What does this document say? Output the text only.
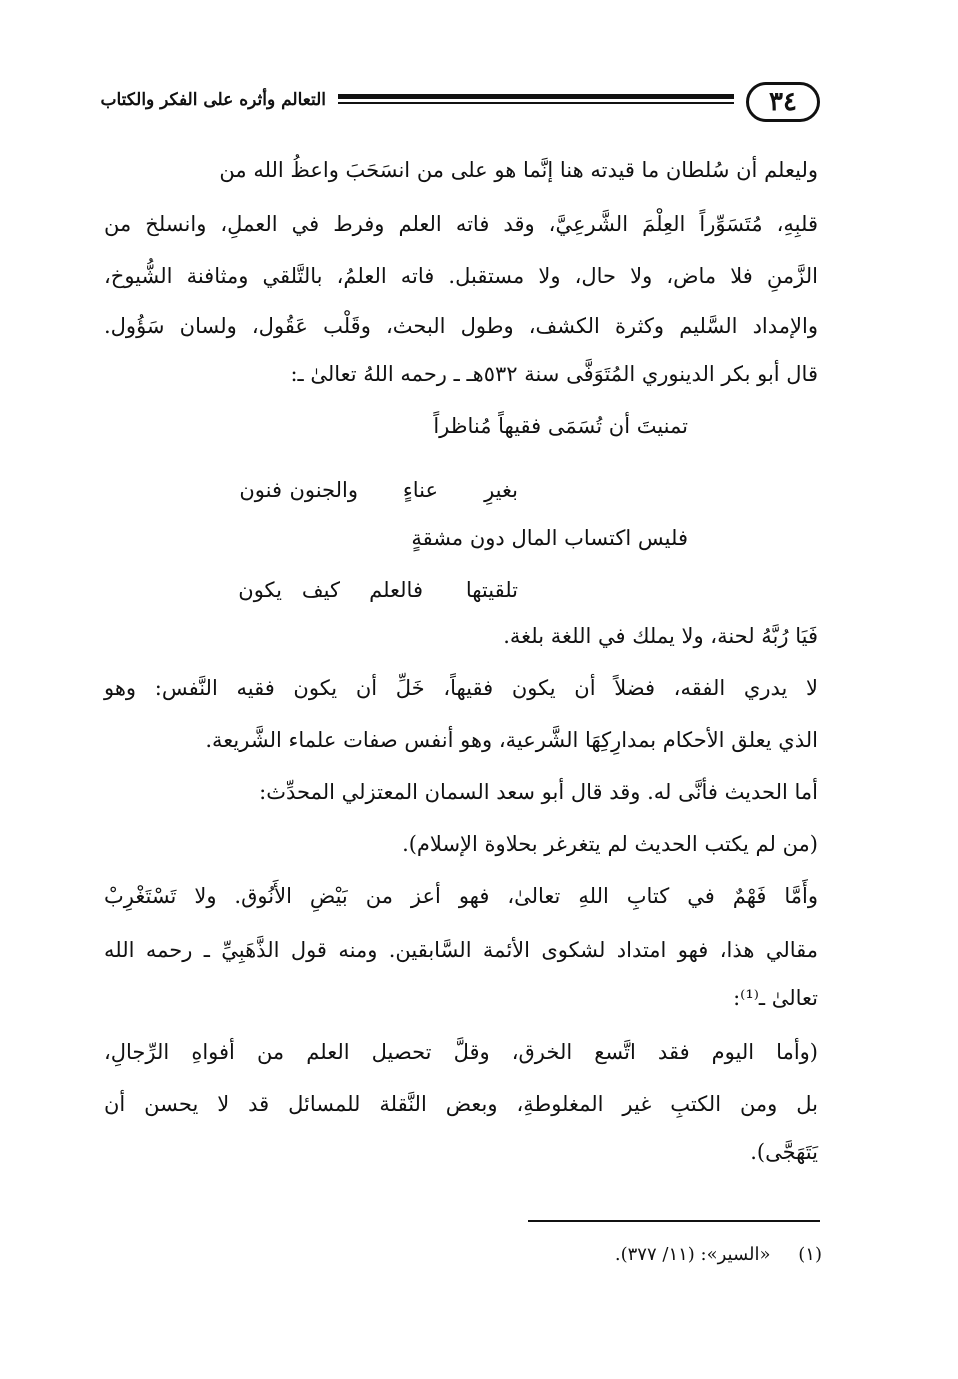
٣٤
التعالم وأثره على الفكر والكتاب
وليعلم أن سُلطان ما قيدته هنا إنَّما هو على من انسَحَبَ واعظُ الله من
قلبِهِ، مُتَسَوِّراً العِلْمَ الشَّرعِيَّ، وقد فاته العلم وفرط في العملِ، وانسلخ من
الزَّمنِ فلا ماض، ولا حال، ولا مستقبل. فاته العلمُ، بالتَّلقي ومثافنة الشُّيوخ،
والإمداد السَّليم وكثرة الكشف، وطول البحث، وقَلْب عَقُول، ولسان سَؤُول.
قال أبو بكر الدينوري المُتَوَفَّى سنة ٥٣٢هـ ـ رحمه اللهُ تعالىٰ ـ:
تمنيتَ أن تُسَمَى فقيهاً مُناظراً
بغيرِ
عناءٍ
والجنون
فنون
فليس اكتساب المال دون مشقةٍ
تلقيتها
فالعلم
كيف
يكون
فَيَا رُبَّهُ لحنة، ولا يملك في اللغة بلغة.
لا يدري الفقه، فضلاً أن يكون فقيهاً، خَلِّ أن يكون فقيه النَّفس: وهو
الذي يعلق الأحكام بمدارِكِهَا الشَّرعية، وهو أنفس صفات علماء الشَّريعة.
أما الحديث فأنَّى له. وقد قال أبو سعد السمان المعتزلي المحدِّث:
(من لم يكتب الحديث لم يتغرغر بحلاوة الإسلام).
وأَمَّا فَهْمٌ في كتابِ اللهِ تعالىٰ، فهو أعز من بَيْضِ الأَنُوق. ولا تَسْتَغْرِبْ
مقالي هذا، فهو امتداد لشكوى الأئمة السَّابقين. ومنه قول الذَّهَبِيِّ ـ رحمه الله
تعالىٰ ـ⁽¹⁾:
(وأما اليوم فقد اتَّسع الخرق، وقلَّ تحصيل العلم من أفواهِ الرِّجالِ،
بل ومن الكتبِ غير المغلوطةِ، وبعض النَّقلة للمسائل قد لا يحسن أن
يَتَهَجَّى).
(١) «السير»: (١١/ ٣٧٧).
